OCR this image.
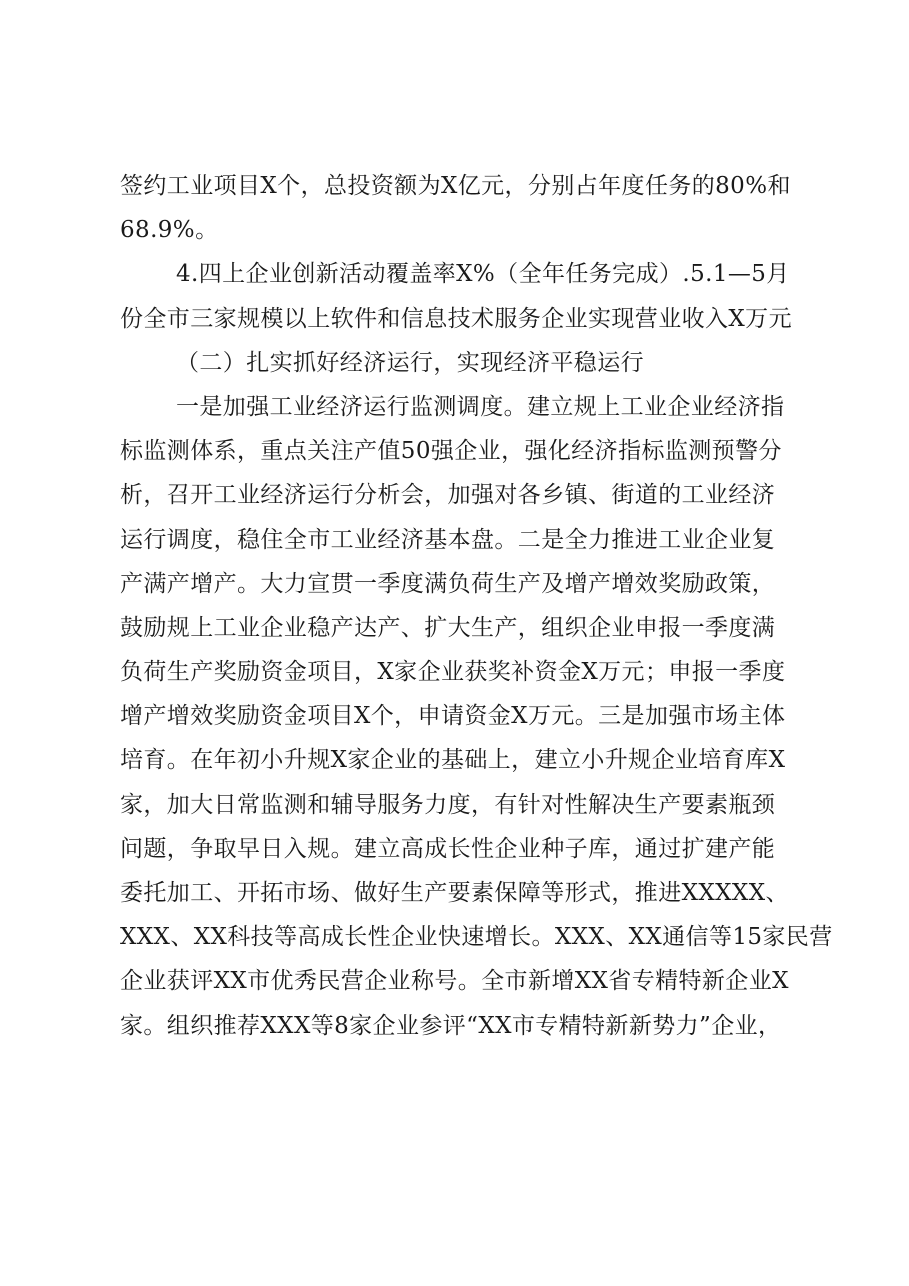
签约工业项目X个，总投资额为X亿元，分别占年度任务的80%和
68.9%。
4.四上企业创新活动覆盖率X%（全年任务完成）.5.1—5月
份全市三家规模以上软件和信息技术服务企业实现营业收入X万元
（二）扎实抓好经济运行，实现经济平稳运行
一是加强工业经济运行监测调度。建立规上工业企业经济指
标监测体系，重点关注产值50强企业，强化经济指标监测预警分
析，召开工业经济运行分析会，加强对各乡镇、街道的工业经济
运行调度，稳住全市工业经济基本盘。二是全力推进工业企业复
产满产增产。大力宣贯一季度满负荷生产及增产增效奖励政策，
鼓励规上工业企业稳产达产、扩大生产，组织企业申报一季度满
负荷生产奖励资金项目，X家企业获奖补资金X万元；申报一季度
增产增效奖励资金项目X个，申请资金X万元。三是加强市场主体
培育。在年初小升规X家企业的基础上，建立小升规企业培育库X
家，加大日常监测和辅导服务力度，有针对性解决生产要素瓶颈
问题，争取早日入规。建立高成长性企业种子库，通过扩建产能
委托加工、开拓市场、做好生产要素保障等形式，推进XXXXX、
XXX、XX科技等高成长性企业快速增长。XXX、XX通信等15家民营
企业获评XX市优秀民营企业称号。全市新增XX省专精特新企业X
家。组织推荐XXX等8家企业参评“XX市专精特新新势力”企业，
